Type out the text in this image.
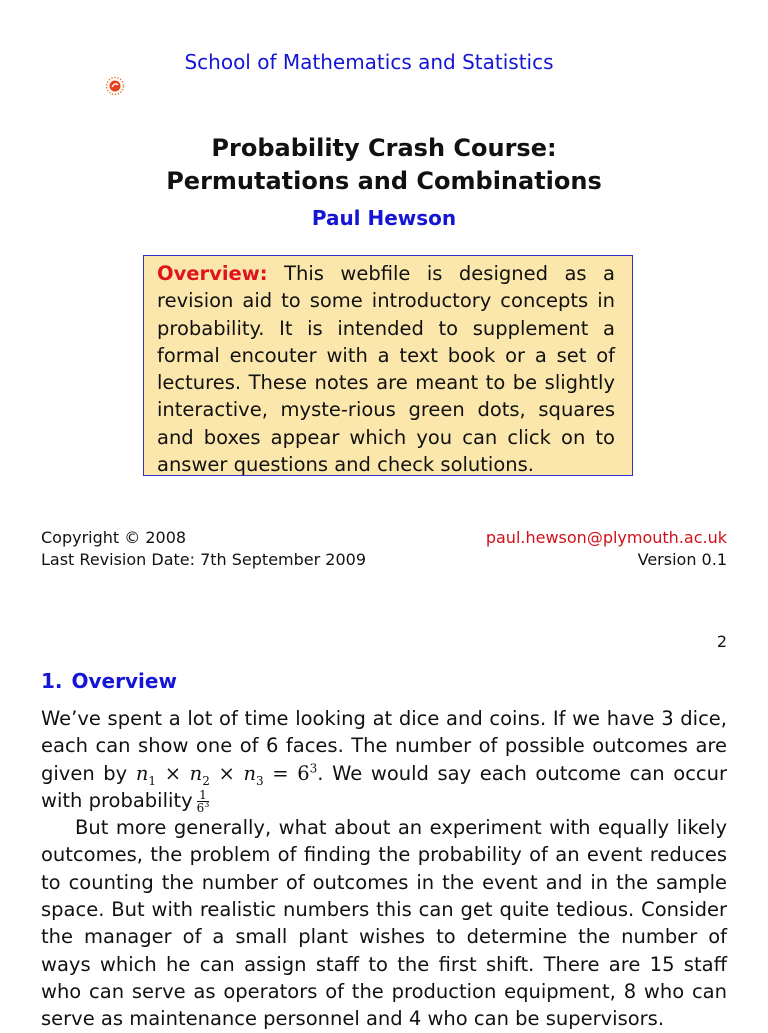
School of Mathematics and Statistics
Probability Crash Course:
Permutations and Combinations
Paul Hewson

Overview: This webfile is designed as a revision aid to some introductory concepts in probability. It is intended to supplement a formal encouter with a text book or a set of lectures. These notes are meant to be slightly interactive, myste-rious green dots, squares and boxes appear which you can click on to answer questions and check solutions.

Copyright © 2008
Last Revision Date: 7th September 2009
paul.hewson@plymouth.ac.uk
Version 0.1
2
1. Overview

We’ve spent a lot of time looking at dice and coins. If we have 3 dice, each can show one of 6 faces. The number of possible outcomes are given by $n_1 \times n_2 \times n_3 = 6^3$. We would say each outcome can occur with probability $\frac{1}{6^3}$

But more generally, what about an experiment with equally likely outcomes, the problem of finding the probability of an event reduces to counting the number of outcomes in the event and in the sample space. But with realistic numbers this can get quite tedious. Consider the manager of a small plant wishes to determine the number of ways which he can assign staff to the first shift. There are 15 staff who can serve as operators of the production equipment, 8 who can serve as maintenance personnel and 4 who can be supervisors.
